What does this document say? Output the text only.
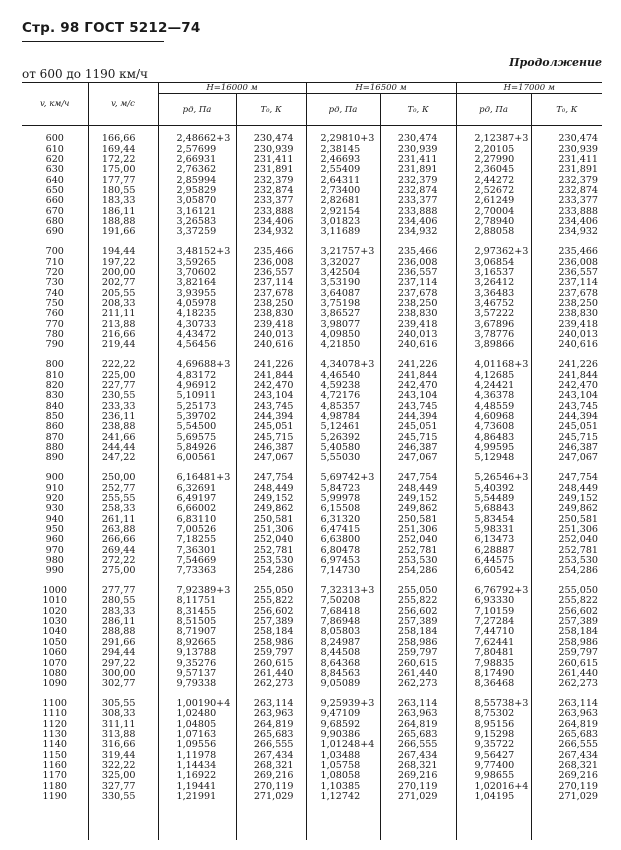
Стр. 98 ГОСТ 5212—74
Продолжение
от 600 до 1190 км/ч
v, км/ч	v, м/с	H=16000 м		H=16500 м		H=17000 м	
		pд, Па	T₀, К	pд, Па	T₀, К	pд, Па	T₀, К
600	166,66	2,48662+3	230,474	2,29810+3	230,474	2,12387+3	230,474
610	169,44	2,57699	230,939	2,38145	230,939	2,20105	230,939
620	172,22	2,66931	231,411	2,46693	231,411	2,27990	231,411
630	175,00	2,76362	231,891	2,55409	231,891	2,36045	231,891
640	177,77	2,85994	232,379	2,64311	232,379	2,44272	232,379
650	180,55	2,95829	232,874	2,73400	232,874	2,52672	232,874
660	183,33	3,05870	233,377	2,82681	233,377	2,61249	233,377
670	186,11	3,16121	233,888	2,92154	233,888	2,70004	233,888
680	188,88	3,26583	234,406	3,01823	234,406	2,78940	234,406
690	191,66	3,37259	234,932	3,11689	234,932	2,88058	234,932

700	194,44	3,48152+3	235,466	3,21757+3	235,466	2,97362+3	235,466
710	197,22	3,59265	236,008	3,32027	236,008	3,06854	236,008
720	200,00	3,70602	236,557	3,42504	236,557	3,16537	236,557
730	202,77	3,82164	237,114	3,53190	237,114	3,26412	237,114
740	205,55	3,93955	237,678	3,64087	237,678	3,36483	237,678
750	208,33	4,05978	238,250	3,75198	238,250	3,46752	238,250
760	211,11	4,18235	238,830	3,86527	238,830	3,57222	238,830
770	213,88	4,30733	239,418	3,98077	239,418	3,67896	239,418
780	216,66	4,43472	240,013	4,09850	240,013	3,78776	240,013
790	219,44	4,56456	240,616	4,21850	240,616	3,89866	240,616

800	222,22	4,69688+3	241,226	4,34078+3	241,226	4,01168+3	241,226
810	225,00	4,83172	241,844	4,46540	241,844	4,12685	241,844
820	227,77	4,96912	242,470	4,59238	242,470	4,24421	242,470
830	230,55	5,10911	243,104	4,72176	243,104	4,36378	243,104
840	233,33	5,25173	243,745	4,85357	243,745	4,48559	243,745
850	236,11	5,39702	244,394	4,98784	244,394	4,60968	244,394
860	238,88	5,54500	245,051	5,12461	245,051	4,73608	245,051
870	241,66	5,69575	245,715	5,26392	245,715	4,86483	245,715
880	244,44	5,84926	246,387	5,40580	246,387	4,99595	246,387
890	247,22	6,00561	247,067	5,55030	247,067	5,12948	247,067

900	250,00	6,16481+3	247,754	5,69742+3	247,754	5,26546+3	247,754
910	252,77	6,32691	248,449	5,84723	248,449	5,40392	248,449
920	255,55	6,49197	249,152	5,99978	249,152	5,54489	249,152
930	258,33	6,66002	249,862	6,15508	249,862	5,68843	249,862
940	261,11	6,83110	250,581	6,31320	250,581	5,83454	250,581
950	263,88	7,00526	251,306	6,47415	251,306	5,98331	251,306
960	266,66	7,18255	252,040	6,63800	252,040	6,13473	252,040
970	269,44	7,36301	252,781	6,80478	252,781	6,28887	252,781
980	272,22	7,54669	253,530	6,97453	253,530	6,44575	253,530
990	275,00	7,73363	254,286	7,14730	254,286	6,60542	254,286

1000	277,77	7,92389+3	255,050	7,32313+3	255,050	6,76792+3	255,050
1010	280,55	8,11751	255,822	7,50208	255,822	6,93330	255,822
1020	283,33	8,31455	256,602	7,68418	256,602	7,10159	256,602
1030	286,11	8,51505	257,389	7,86948	257,389	7,27284	257,389
1040	288,88	8,71907	258,184	8,05803	258,184	7,44710	258,184
1050	291,66	8,92665	258,986	8,24987	258,986	7,62441	258,986
1060	294,44	9,13788	259,797	8,44508	259,797	7,80481	259,797
1070	297,22	9,35276	260,615	8,64368	260,615	7,98835	260,615
1080	300,00	9,57137	261,440	8,84563	261,440	8,17490	261,440
1090	302,77	9,79338	262,273	9,05089	262,273	8,36468	262,273

1100	305,55	1,00190+4	263,114	9,25939+3	263,114	8,55738+3	263,114
1110	308,33	1,02480	263,963	9,47109	263,963	8,75302	263,963
1120	311,11	1,04805	264,819	9,68592	264,819	8,95156	264,819
1130	313,88	1,07163	265,683	9,90386	265,683	9,15298	265,683
1140	316,66	1,09556	266,555	1,01248+4	266,555	9,35722	266,555
1150	319,44	1,11978	267,434	1,03488	267,434	9,56427	267,434
1160	322,22	1,14434	268,321	1,05758	268,321	9,77400	268,321
1170	325,00	1,16922	269,216	1,08058	269,216	9,98655	269,216
1180	327,77	1,19441	270,119	1,10385	270,119	1,02016+4	270,119
1190	330,55	1,21991	271,029	1,12742	271,029	1,04195	271,029
